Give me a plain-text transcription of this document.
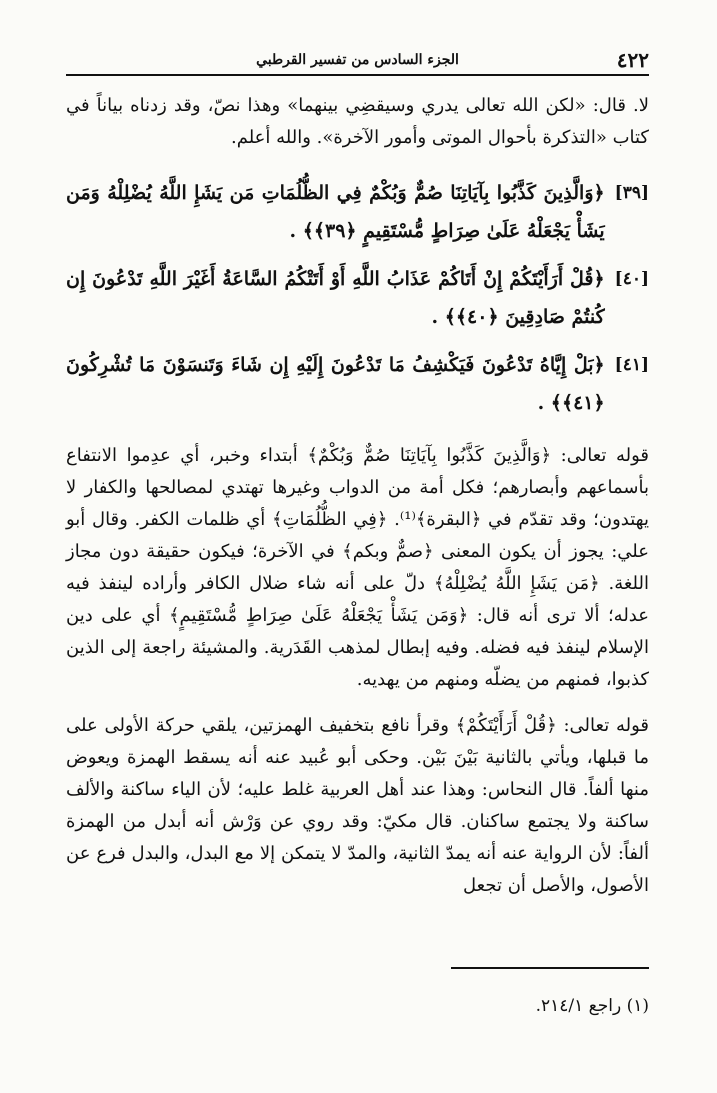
٤٢٢
الجزء السادس من تفسير القرطبي

لا. قال: «لكن الله تعالى يدري وسيقضِي بينهما» وهذا نصّ، وقد زدناه بياناً في كتاب «التذكرة بأحوال الموتى وأمور الآخرة». والله أعلم.

[٣٩]
﴿وَالَّذِينَ كَذَّبُوا بِآيَاتِنَا صُمٌّ وَبُكْمٌ فِي الظُّلُمَاتِ مَن يَشَإِ اللَّهُ يُضْلِلْهُ وَمَن يَشَأْ يَجْعَلْهُ عَلَىٰ صِرَاطٍ مُّسْتَقِيمٍ ﴿٣٩﴾﴾ .
[٤٠]
﴿قُلْ أَرَأَيْتَكُمْ إِنْ أَتَاكُمْ عَذَابُ اللَّهِ أَوْ أَتَتْكُمُ السَّاعَةُ أَغَيْرَ اللَّهِ تَدْعُونَ إِن كُنتُمْ صَادِقِينَ ﴿٤٠﴾﴾ .
[٤١]
﴿بَلْ إِيَّاهُ تَدْعُونَ فَيَكْشِفُ مَا تَدْعُونَ إِلَيْهِ إِن شَاءَ وَتَنسَوْنَ مَا تُشْرِكُونَ ﴿٤١﴾﴾ .

قوله تعالى: ﴿وَالَّذِينَ كَذَّبُوا بِآيَاتِنَا صُمٌّ وَبُكْمٌ﴾ أبتداء وخبر، أي عدِموا الانتفاع بأسماعهم وأبصارهم؛ فكل أمة من الدواب وغيرها تهتدي لمصالحها والكفار لا يهتدون؛ وقد تقدّم في ﴿البقرة﴾⁽¹⁾. ﴿فِي الظُّلُمَاتِ﴾ أي ظلمات الكفر. وقال أبو علي: يجوز أن يكون المعنى ﴿صمٌّ وبكم﴾ في الآخرة؛ فيكون حقيقة دون مجاز اللغة. ﴿مَن يَشَإِ اللَّهُ يُضْلِلْهُ﴾ دلّ على أنه شاء ضلال الكافر وأراده لينفذ فيه عدله؛ ألا ترى أنه قال: ﴿وَمَن يَشَأْ يَجْعَلْهُ عَلَىٰ صِرَاطٍ مُّسْتَقِيمٍ﴾ أي على دين الإسلام لينفذ فيه فضله. وفيه إبطال لمذهب القَدَرية. والمشيئة راجعة إلى الذين كذبوا، فمنهم من يضلّه ومنهم من يهديه.

قوله تعالى: ﴿قُلْ أَرَأَيْتَكُمْ﴾ وقرأ نافع بتخفيف الهمزتين، يلقي حركة الأولى على ما قبلها، ويأتي بالثانية بَيْنَ بَيْن. وحكى أبو عُبيد عنه أنه يسقط الهمزة ويعوض منها ألفاً. قال النحاس: وهذا عند أهل العربية غلط عليه؛ لأن الياء ساكنة والألف ساكنة ولا يجتمع ساكنان. قال مكيّ: وقد روي عن وَرْش أنه أبدل من الهمزة ألفاً: لأن الرواية عنه أنه يمدّ الثانية، والمدّ لا يتمكن إلا مع البدل، والبدل فرع عن الأصول، والأصل أن تجعل

(١) راجع ٢١٤/١.
